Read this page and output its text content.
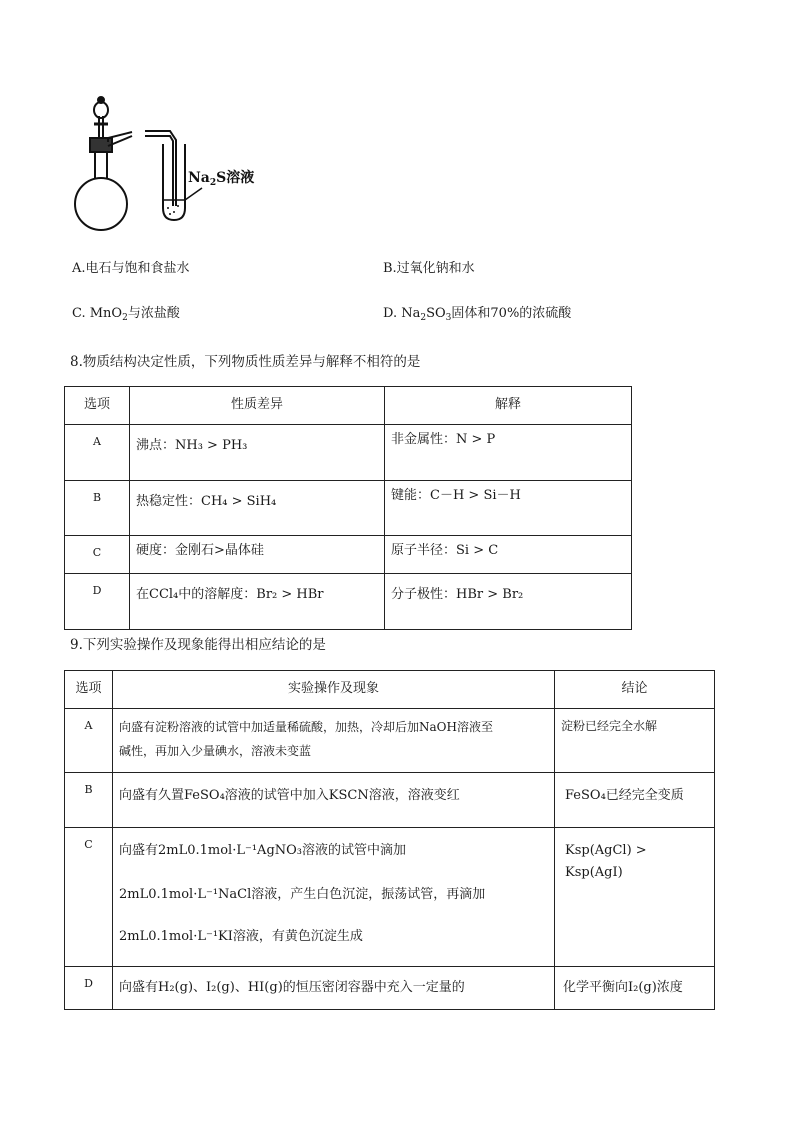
$Na_2S$溶液
A.电石与饱和食盐水	B.过氧化钠和水
C. MnO$_2$与浓盐酸	D. $Na_2SO_3$固体和70%的浓硫酸
8.物质结构决定性质，下列物质性质差异与解释不相符的是
选项	性质差异	解释
A	沸点：NH₃ > PH₃	非金属性：N > P
B	热稳定性：CH₄ > SiH₄	键能：C－H > Si－H
C	硬度：金刚石>晶体硅	原子半径：Si > C
D	在CCl₄中的溶解度：Br₂ > HBr	分子极性：HBr > Br₂
9.下列实验操作及现象能得出相应结论的是
选项	实验操作及现象	结论
A	向盛有淀粉溶液的试管中加适量稀硫酸，加热，冷却后加NaOH溶液至
碱性，再加入少量碘水，溶液未变蓝	淀粉已经完全水解
B	向盛有久置FeSO₄溶液的试管中加入KSCN溶液，溶液变红	FeSO₄已经完全变质
C	向盛有2mL0.1mol·L⁻¹AgNO₃溶液的试管中滴加
2mL0.1mol·L⁻¹NaCl溶液，产生白色沉淀，振荡试管，再滴加
2mL0.1mol·L⁻¹KI溶液，有黄色沉淀生成	Ksp(AgCl) > Ksp(AgI)
D	向盛有H₂(g)、I₂(g)、HI(g)的恒压密闭容器中充入一定量的	化学平衡向I₂(g)浓度
